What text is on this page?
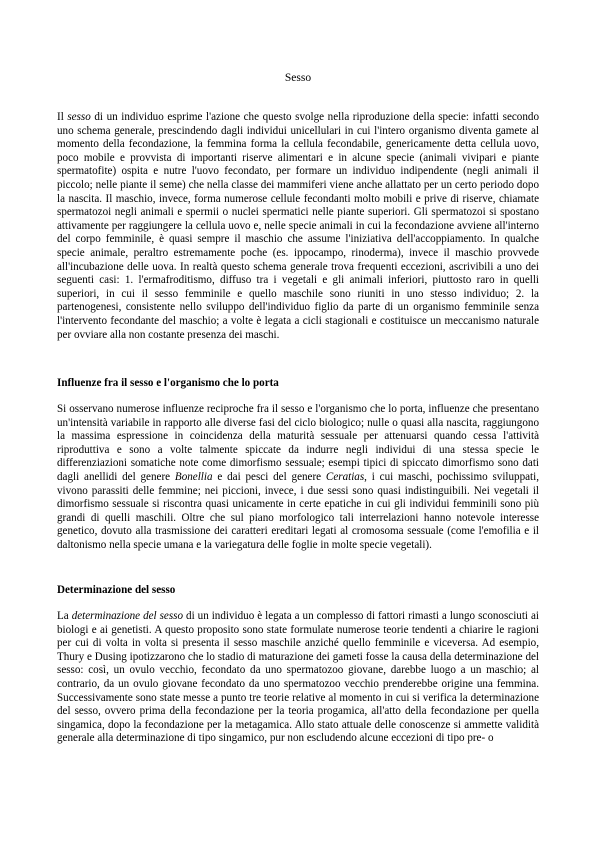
Sesso

Il sesso di un individuo esprime l'azione che questo svolge nella riproduzione della specie: infatti secondo uno schema generale, prescindendo dagli individui unicellulari in cui l'intero organismo diventa gamete al momento della fecondazione, la femmina forma la cellula fecondabile, genericamente detta cellula uovo, poco mobile e provvista di importanti riserve alimentari e in alcune specie (animali vivipari e piante spermatofite) ospita e nutre l'uovo fecondato, per formare un individuo indipendente (negli animali il piccolo; nelle piante il seme) che nella classe dei mammiferi viene anche allattato per un certo periodo dopo la nascita. Il maschio, invece, forma numerose cellule fecondanti molto mobili e prive di riserve, chiamate spermatozoi negli animali e spermii o nuclei spermatici nelle piante superiori. Gli spermatozoi si spostano attivamente per raggiungere la cellula uovo e, nelle specie animali in cui la fecondazione avviene all'interno del corpo femminile, è quasi sempre il maschio che assume l'iniziativa dell'accoppiamento. In qualche specie animale, peraltro estremamente poche (es. ippocampo, rinoderma), invece il maschio provvede all'incubazione delle uova. In realtà questo schema generale trova frequenti eccezioni, ascrivibili a uno dei seguenti casi: 1. l'ermafroditismo, diffuso tra i vegetali e gli animali inferiori, piuttosto raro in quelli superiori, in cui il sesso femminile e quello maschile sono riuniti in uno stesso individuo; 2. la partenogenesi, consistente nello sviluppo dell'individuo figlio da parte di un organismo femminile senza l'intervento fecondante del maschio; a volte è legata a cicli stagionali e costituisce un meccanismo naturale per ovviare alla non costante presenza dei maschi.

Influenze fra il sesso e l'organismo che lo porta

Si osservano numerose influenze reciproche fra il sesso e l'organismo che lo porta, influenze che presentano un'intensità variabile in rapporto alle diverse fasi del ciclo biologico; nulle o quasi alla nascita, raggiungono la massima espressione in coincidenza della maturità sessuale per attenuarsi quando cessa l'attività riproduttiva e sono a volte talmente spiccate da indurre negli individui di una stessa specie le differenziazioni somatiche note come dimorfismo sessuale; esempi tipici di spiccato dimorfismo sono dati dagli anellidi del genere Bonellia e dai pesci del genere Ceratias, i cui maschi, pochissimo sviluppati, vivono parassiti delle femmine; nei piccioni, invece, i due sessi sono quasi indistinguibili. Nei vegetali il dimorfismo sessuale si riscontra quasi unicamente in certe epatiche in cui gli individui femminili sono più grandi di quelli maschili. Oltre che sul piano morfologico tali interrelazioni hanno notevole interesse genetico, dovuto alla trasmissione dei caratteri ereditari legati al cromosoma sessuale (come l'emofilia e il daltonismo nella specie umana e la variegatura delle foglie in molte specie vegetali).

Determinazione del sesso

La determinazione del sesso di un individuo è legata a un complesso di fattori rimasti a lungo sconosciuti ai biologi e ai genetisti. A questo proposito sono state formulate numerose teorie tendenti a chiarire le ragioni per cui di volta in volta si presenta il sesso maschile anziché quello femminile e viceversa. Ad esempio, Thury e Dusing ipotizzarono che lo stadio di maturazione dei gameti fosse la causa della determinazione del sesso: così, un ovulo vecchio, fecondato da uno spermatozoo giovane, darebbe luogo a un maschio; al contrario, da un ovulo giovane fecondato da uno spermatozoo vecchio prenderebbe origine una femmina. Successivamente sono state messe a punto tre teorie relative al momento in cui si verifica la determinazione del sesso, ovvero prima della fecondazione per la teoria progamica, all'atto della fecondazione per quella singamica, dopo la fecondazione per la metagamica. Allo stato attuale delle conoscenze si ammette validità generale alla determinazione di tipo singamico, pur non escludendo alcune eccezioni di tipo pre- o
